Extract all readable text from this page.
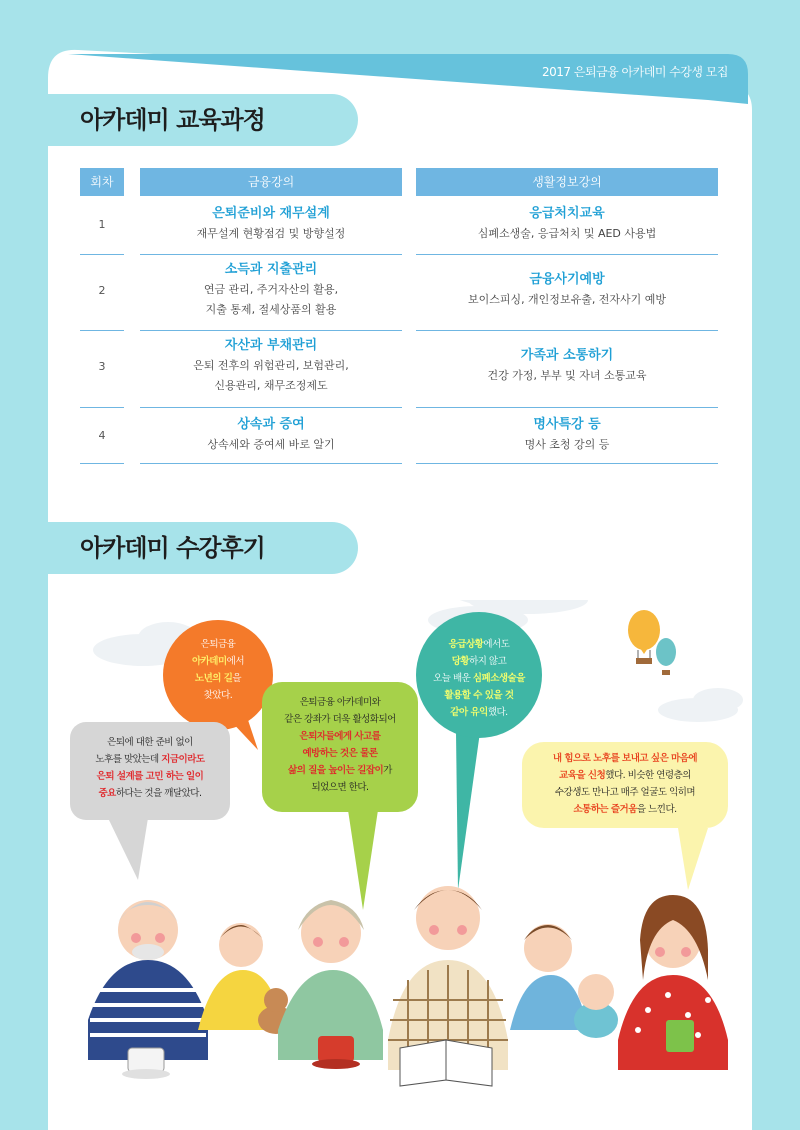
2017 은퇴금융 아카데미 수강생 모집
아카데미 교육과정
회차	금융강의	생활정보강의
1
은퇴준비와 재무설계
재무설계 현황점검 및 방향설정
응급처치교육
심폐소생술, 응급처치 및 AED 사용법
2
소득과 지출관리
연금 관리, 주거자산의 활용,
지출 통제, 절세상품의 활용
금융사기예방
보이스피싱, 개인정보유출, 전자사기 예방
3
자산과 부채관리
은퇴 전후의 위험관리, 보험관리,
신용관리, 채무조정제도
가족과 소통하기
건강 가정, 부부 및 자녀 소통교육
4
상속과 증여
상속세와 증여세 바로 알기
명사특강 등
명사 초청 강의 등
아카데미 수강후기
은퇴금융
아카데미에서
노년의 길을
찾았다.
은퇴에 대한 준비 없이
노후를 맞았는데 지금이라도
은퇴 설계를 고민 하는 일이
중요하다는 것을 깨달았다.
은퇴금융 아카데미와
같은 강좌가 더욱 활성화되어
은퇴자들에게 사고를
예방하는 것은 물론
삶의 질을 높이는 길잡이가
되었으면 한다.
응급상황에서도
당황하지 않고
오늘 배운 심폐소생술을
활용할 수 있을 것
같아 유익했다.
내 힘으로 노후를 보내고 싶은 마음에
교육을 신청했다. 비슷한 연령층의
수강생도 만나고 매주 얼굴도 익히며
소통하는 즐거움을 느낀다.
